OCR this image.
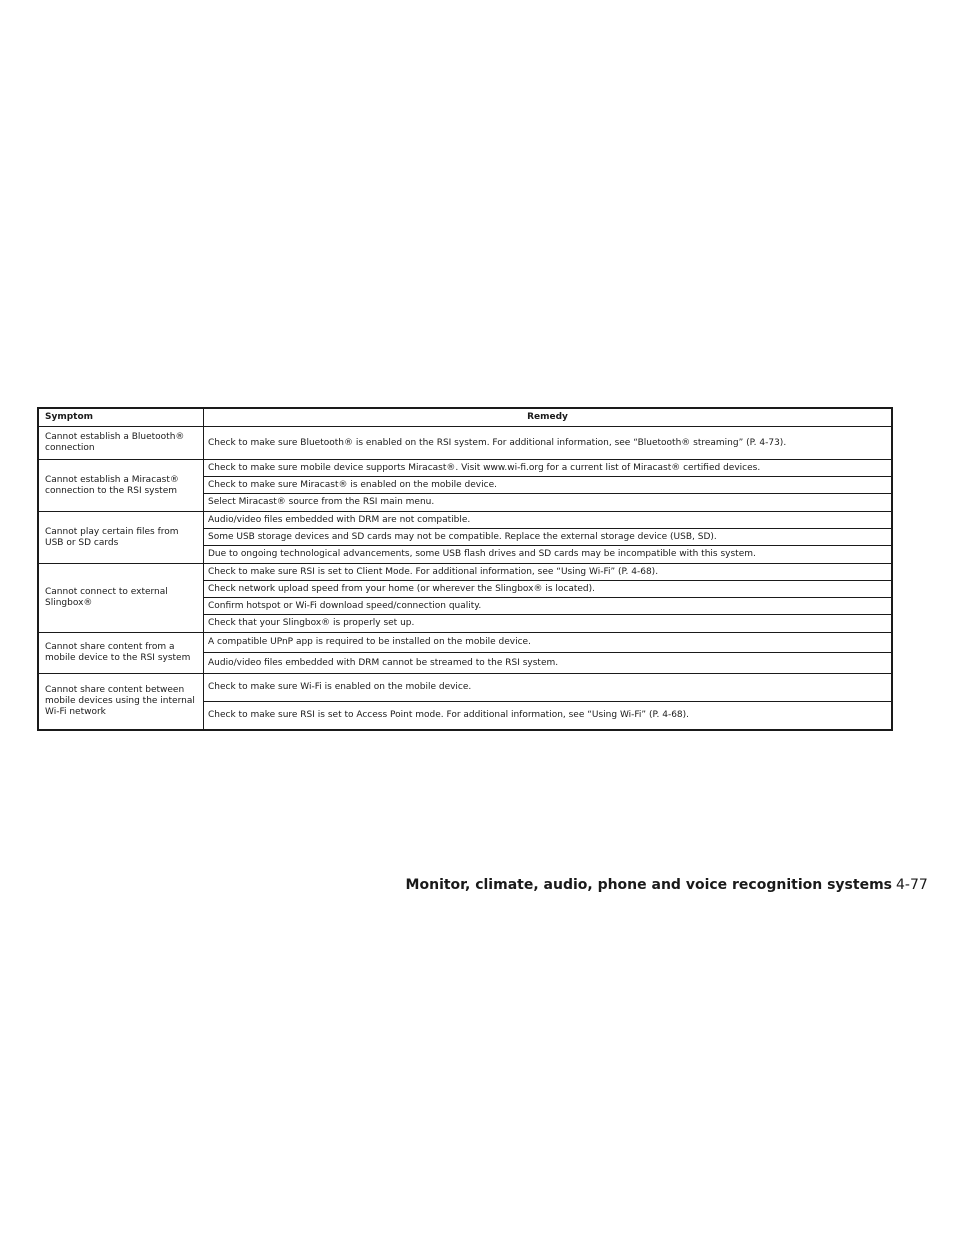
Symptom	Remedy
Cannot establish a Bluetooth® connection
Check to make sure Bluetooth® is enabled on the RSI system. For additional information, see “Bluetooth® streaming” (P. 4-73).
Cannot establish a Miracast® connection to the RSI system
Check to make sure mobile device supports Miracast®. Visit www.wi-fi.org for a current list of Miracast® certified devices.
Check to make sure Miracast® is enabled on the mobile device.
Select Miracast® source from the RSI main menu.
Cannot play certain files from USB or SD cards
Audio/video files embedded with DRM are not compatible.
Some USB storage devices and SD cards may not be compatible. Replace the external storage device (USB, SD).
Due to ongoing technological advancements, some USB flash drives and SD cards may be incompatible with this system.
Cannot connect to external Slingbox®
Check to make sure RSI is set to Client Mode. For additional information, see “Using Wi-Fi” (P. 4-68).
Check network upload speed from your home (or wherever the Slingbox® is located).
Confirm hotspot or Wi-Fi download speed/connection quality.
Check that your Slingbox® is properly set up.
Cannot share content from a mobile device to the RSI system
A compatible UPnP app is required to be installed on the mobile device.
Audio/video files embedded with DRM cannot be streamed to the RSI system.
Cannot share content between mobile devices using the internal Wi-Fi network
Check to make sure Wi-Fi is enabled on the mobile device.
Check to make sure RSI is set to Access Point mode. For additional information, see “Using Wi-Fi” (P. 4-68).
Monitor, climate, audio, phone and voice recognition systems 4-77
